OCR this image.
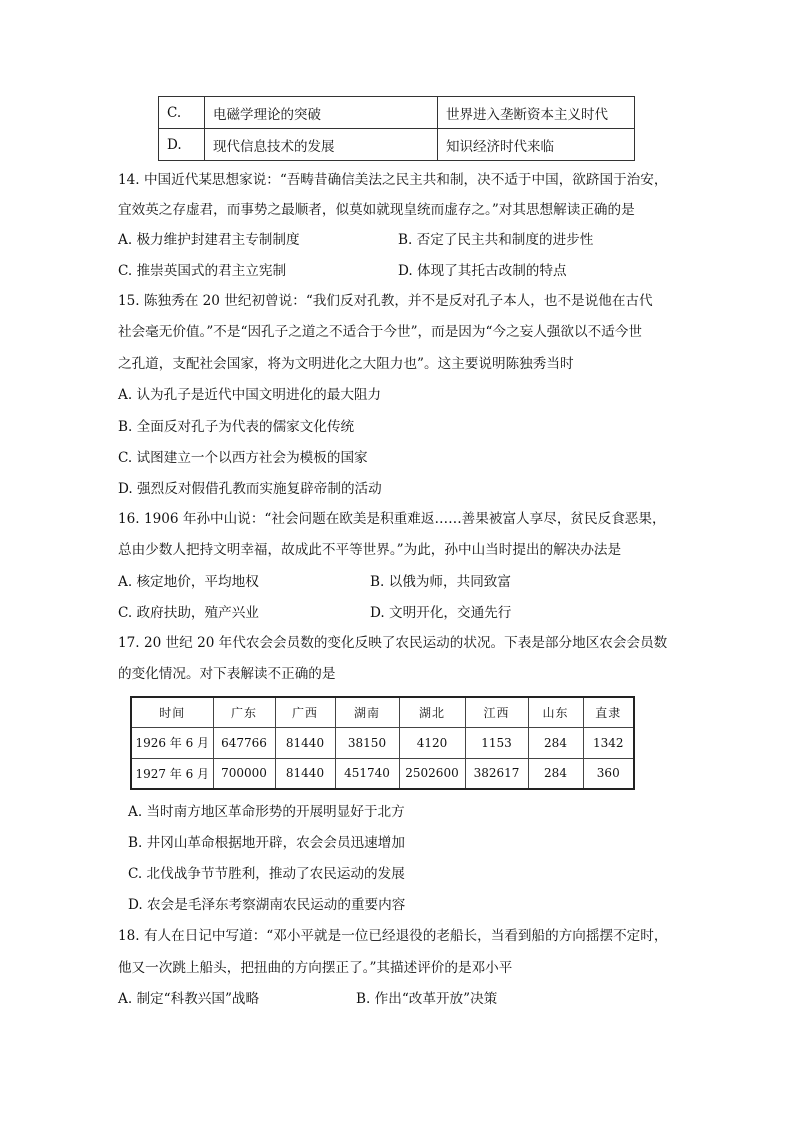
C.	电磁学理论的突破	世界进入垄断资本主义时代
D.	现代信息技术的发展	知识经济时代来临
14. 中国近代某思想家说：“吾畴昔确信美法之民主共和制，决不适于中国，欲跻国于治安，
宜效英之存虚君，而事势之最顺者，似莫如就现皇统而虚存之。”对其思想解读正确的是
A. 极力维护封建君主专制制度	B. 否定了民主共和制度的进步性
C. 推崇英国式的君主立宪制	D. 体现了其托古改制的特点
15. 陈独秀在 20 世纪初曾说：“我们反对孔教，并不是反对孔子本人，也不是说他在古代
社会毫无价值。”不是“因孔子之道之不适合于今世”，而是因为“今之妄人强欲以不适今世
之孔道，支配社会国家，将为文明进化之大阻力也”。这主要说明陈独秀当时
A. 认为孔子是近代中国文明进化的最大阻力
B. 全面反对孔子为代表的儒家文化传统
C. 试图建立一个以西方社会为模板的国家
D. 强烈反对假借孔教而实施复辟帝制的活动
16. 1906 年孙中山说：“社会问题在欧美是积重难返……善果被富人享尽，贫民反食恶果，
总由少数人把持文明幸福，故成此不平等世界。”为此，孙中山当时提出的解决办法是
A. 核定地价，平均地权	B. 以俄为师，共同致富
C. 政府扶助，殖产兴业	D. 文明开化，交通先行
17. 20 世纪 20 年代农会会员数的变化反映了农民运动的状况。下表是部分地区农会会员数
的变化情况。对下表解读不正确的是
时间	广东	广西	湖南	湖北	江西	山东	直隶
1926 年 6 月	647766	81440	38150	4120	1153	284	1342
1927 年 6 月	700000	81440	451740	2502600	382617	284	360
A. 当时南方地区革命形势的开展明显好于北方
B. 井冈山革命根据地开辟，农会会员迅速增加
C. 北伐战争节节胜利，推动了农民运动的发展
D. 农会是毛泽东考察湖南农民运动的重要内容
18. 有人在日记中写道：“邓小平就是一位已经退役的老船长，当看到船的方向摇摆不定时，
他又一次跳上船头，把扭曲的方向摆正了。”其描述评价的是邓小平
A. 制定“科教兴国”战略	B. 作出“改革开放”决策
